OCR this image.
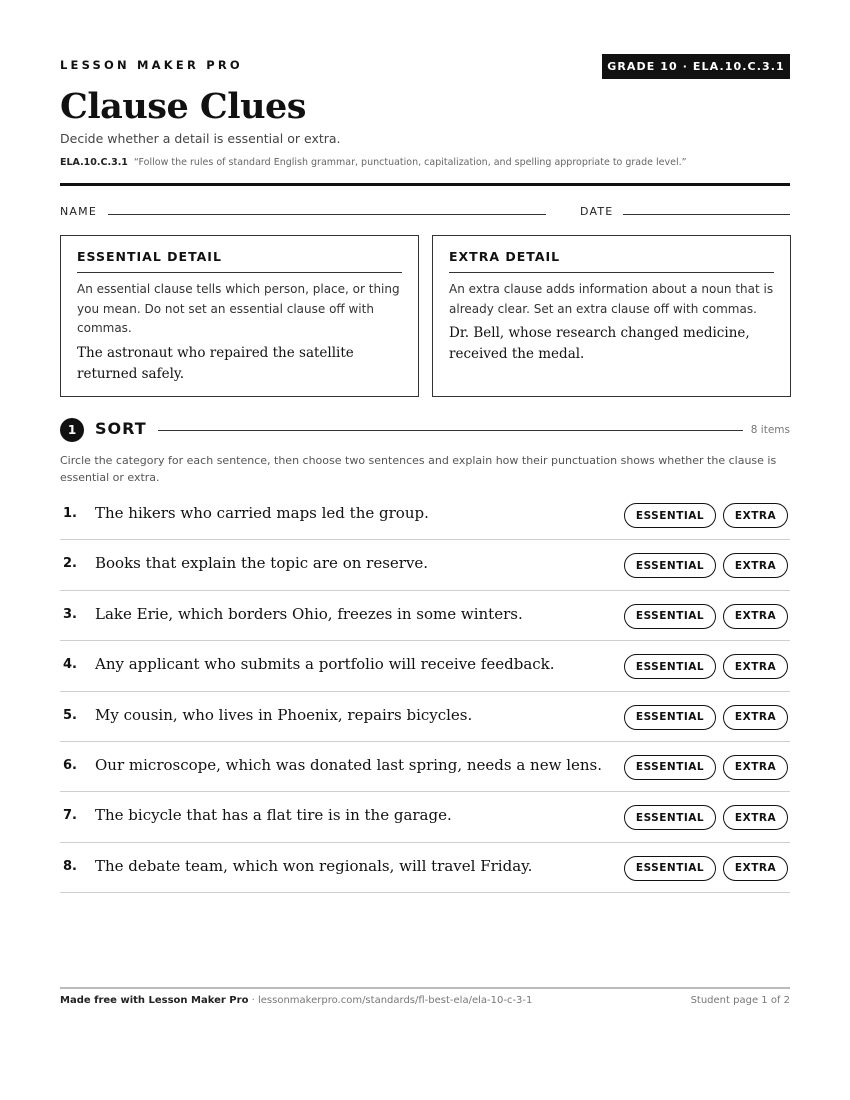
LESSON MAKER PRO	GRADE 10 · ELA.10.C.3.1
Clause Clues
Decide whether a detail is essential or extra.
ELA.10.C.3.1 “Follow the rules of standard English grammar, punctuation, capitalization, and spelling appropriate to grade level.”
NAME	DATE
ESSENTIAL DETAIL
An essential clause tells which person, place, or thing you mean. Do not set an essential clause off with commas.
The astronaut who repaired the satellite returned safely.
EXTRA DETAIL
An extra clause adds information about a noun that is already clear. Set an extra clause off with commas.
Dr. Bell, whose research changed medicine, received the medal.
1	SORT	8 items
Circle the category for each sentence, then choose two sentences and explain how their punctuation shows whether the clause is essential or extra.
1. The hikers who carried maps led the group.	ESSENTIAL	EXTRA
2. Books that explain the topic are on reserve.	ESSENTIAL	EXTRA
3. Lake Erie, which borders Ohio, freezes in some winters.	ESSENTIAL	EXTRA
4. Any applicant who submits a portfolio will receive feedback.	ESSENTIAL	EXTRA
5. My cousin, who lives in Phoenix, repairs bicycles.	ESSENTIAL	EXTRA
6. Our microscope, which was donated last spring, needs a new lens.	ESSENTIAL	EXTRA
7. The bicycle that has a flat tire is in the garage.	ESSENTIAL	EXTRA
8. The debate team, which won regionals, will travel Friday.	ESSENTIAL	EXTRA
Made free with Lesson Maker Pro · lessonmakerpro.com/standards/fl-best-ela/ela-10-c-3-1	Student page 1 of 2
